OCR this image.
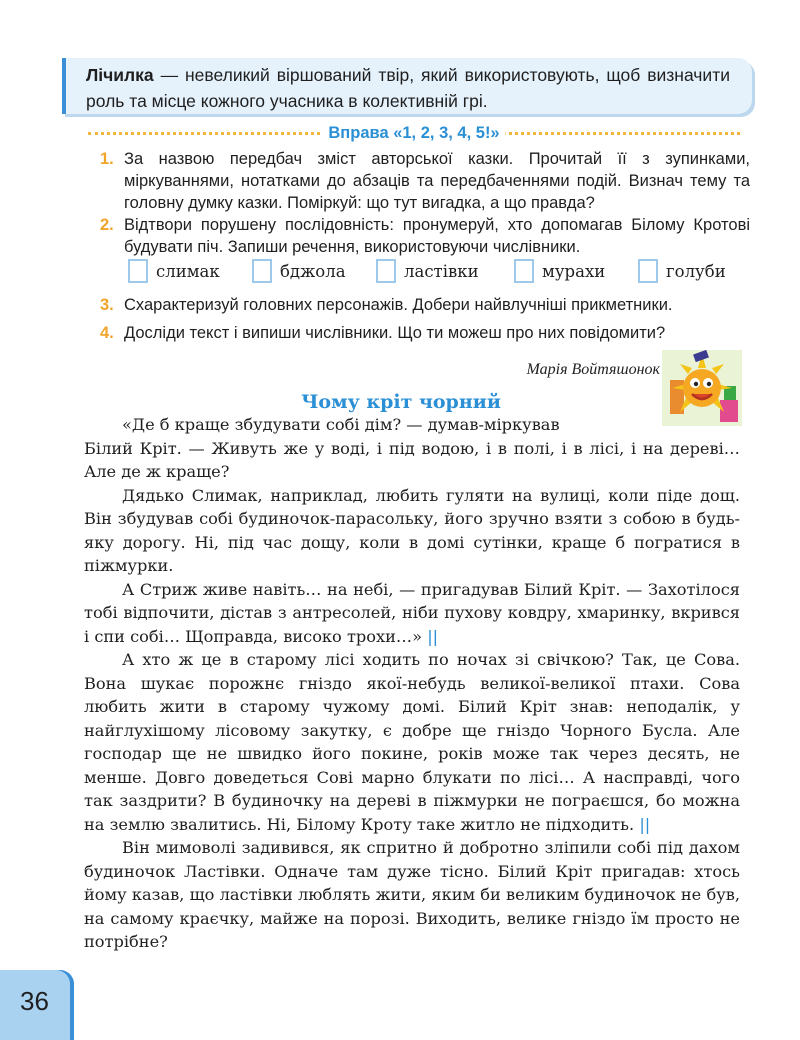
Лічилка — невеликий віршований твір, який використовують, щоб визначити роль та місце кожного учасника в колективній грі.

Вправа «1, 2, 3, 4, 5!»
1. За назвою передбач зміст авторської казки. Прочитай її з зупинками, міркуваннями, нотатками до абзаців та передбаченнями подій. Визнач тему та головну думку казки. Поміркуй: що тут вигадка, а що правда?
2. Відтвори порушену послідовність: пронумеруй, хто допомагав Білому Кротові будувати піч. Запиши речення, використовуючи числівники.
слимак	бджола	ластівки	мурахи	голуби
3. Схарактеризуй головних персонажів. Добери найвлучніші прикметники.
4. Досліди текст і випиши числівники. Що ти можеш про них повідомити?
Марія Войтяшонок
Чому кріт чорний

«Де б краще збудувати собі дім? — думав-міркував

Білий Кріт. — Живуть же у воді, і під водою, і в полі, і в лісі, і на дереві… Але де ж краще?

Дядько Слимак, наприклад, любить гуляти на вулиці, коли піде дощ. Він збудував собі будиночок-парасольку, його зручно взяти з собою в будь-яку дорогу. Ні, під час дощу, коли в домі сутінки, краще б погратися в піжмурки.

А Стриж живе навіть… на небі, — пригадував Білий Кріт. — Захотілося тобі відпочити, дістав з антресолей, ніби пухову ковдру, хмаринку, вкрився і спи собі… Щоправда, високо трохи…» ||

А хто ж це в старому лісі ходить по ночах зі свічкою? Так, це Сова. Вона шукає порожнє гніздо якої-небудь великої-великої птахи. Сова любить жити в старому чужому домі. Білий Кріт знав: неподалік, у найглухішому лісовому закутку, є добре ще гніздо Чорного Бусла. Але господар ще не швидко його покине, років може так через десять, не менше. Довго доведеться Сові марно блукати по лісі… А насправді, чого так заздрити? В будиночку на дереві в піжмурки не пограєшся, бо можна на землю звалитись. Ні, Білому Кроту таке житло не підходить. ||

Він мимоволі задивився, як спритно й добротно зліпили собі під дахом будиночок Ластівки. Одначе там дуже тісно. Білий Кріт пригадав: хтось йому казав, що ластівки люблять жити, яким би великим будиночок не був, на самому краєчку, майже на порозі. Виходить, велике гніздо їм просто не потрібне?

36
